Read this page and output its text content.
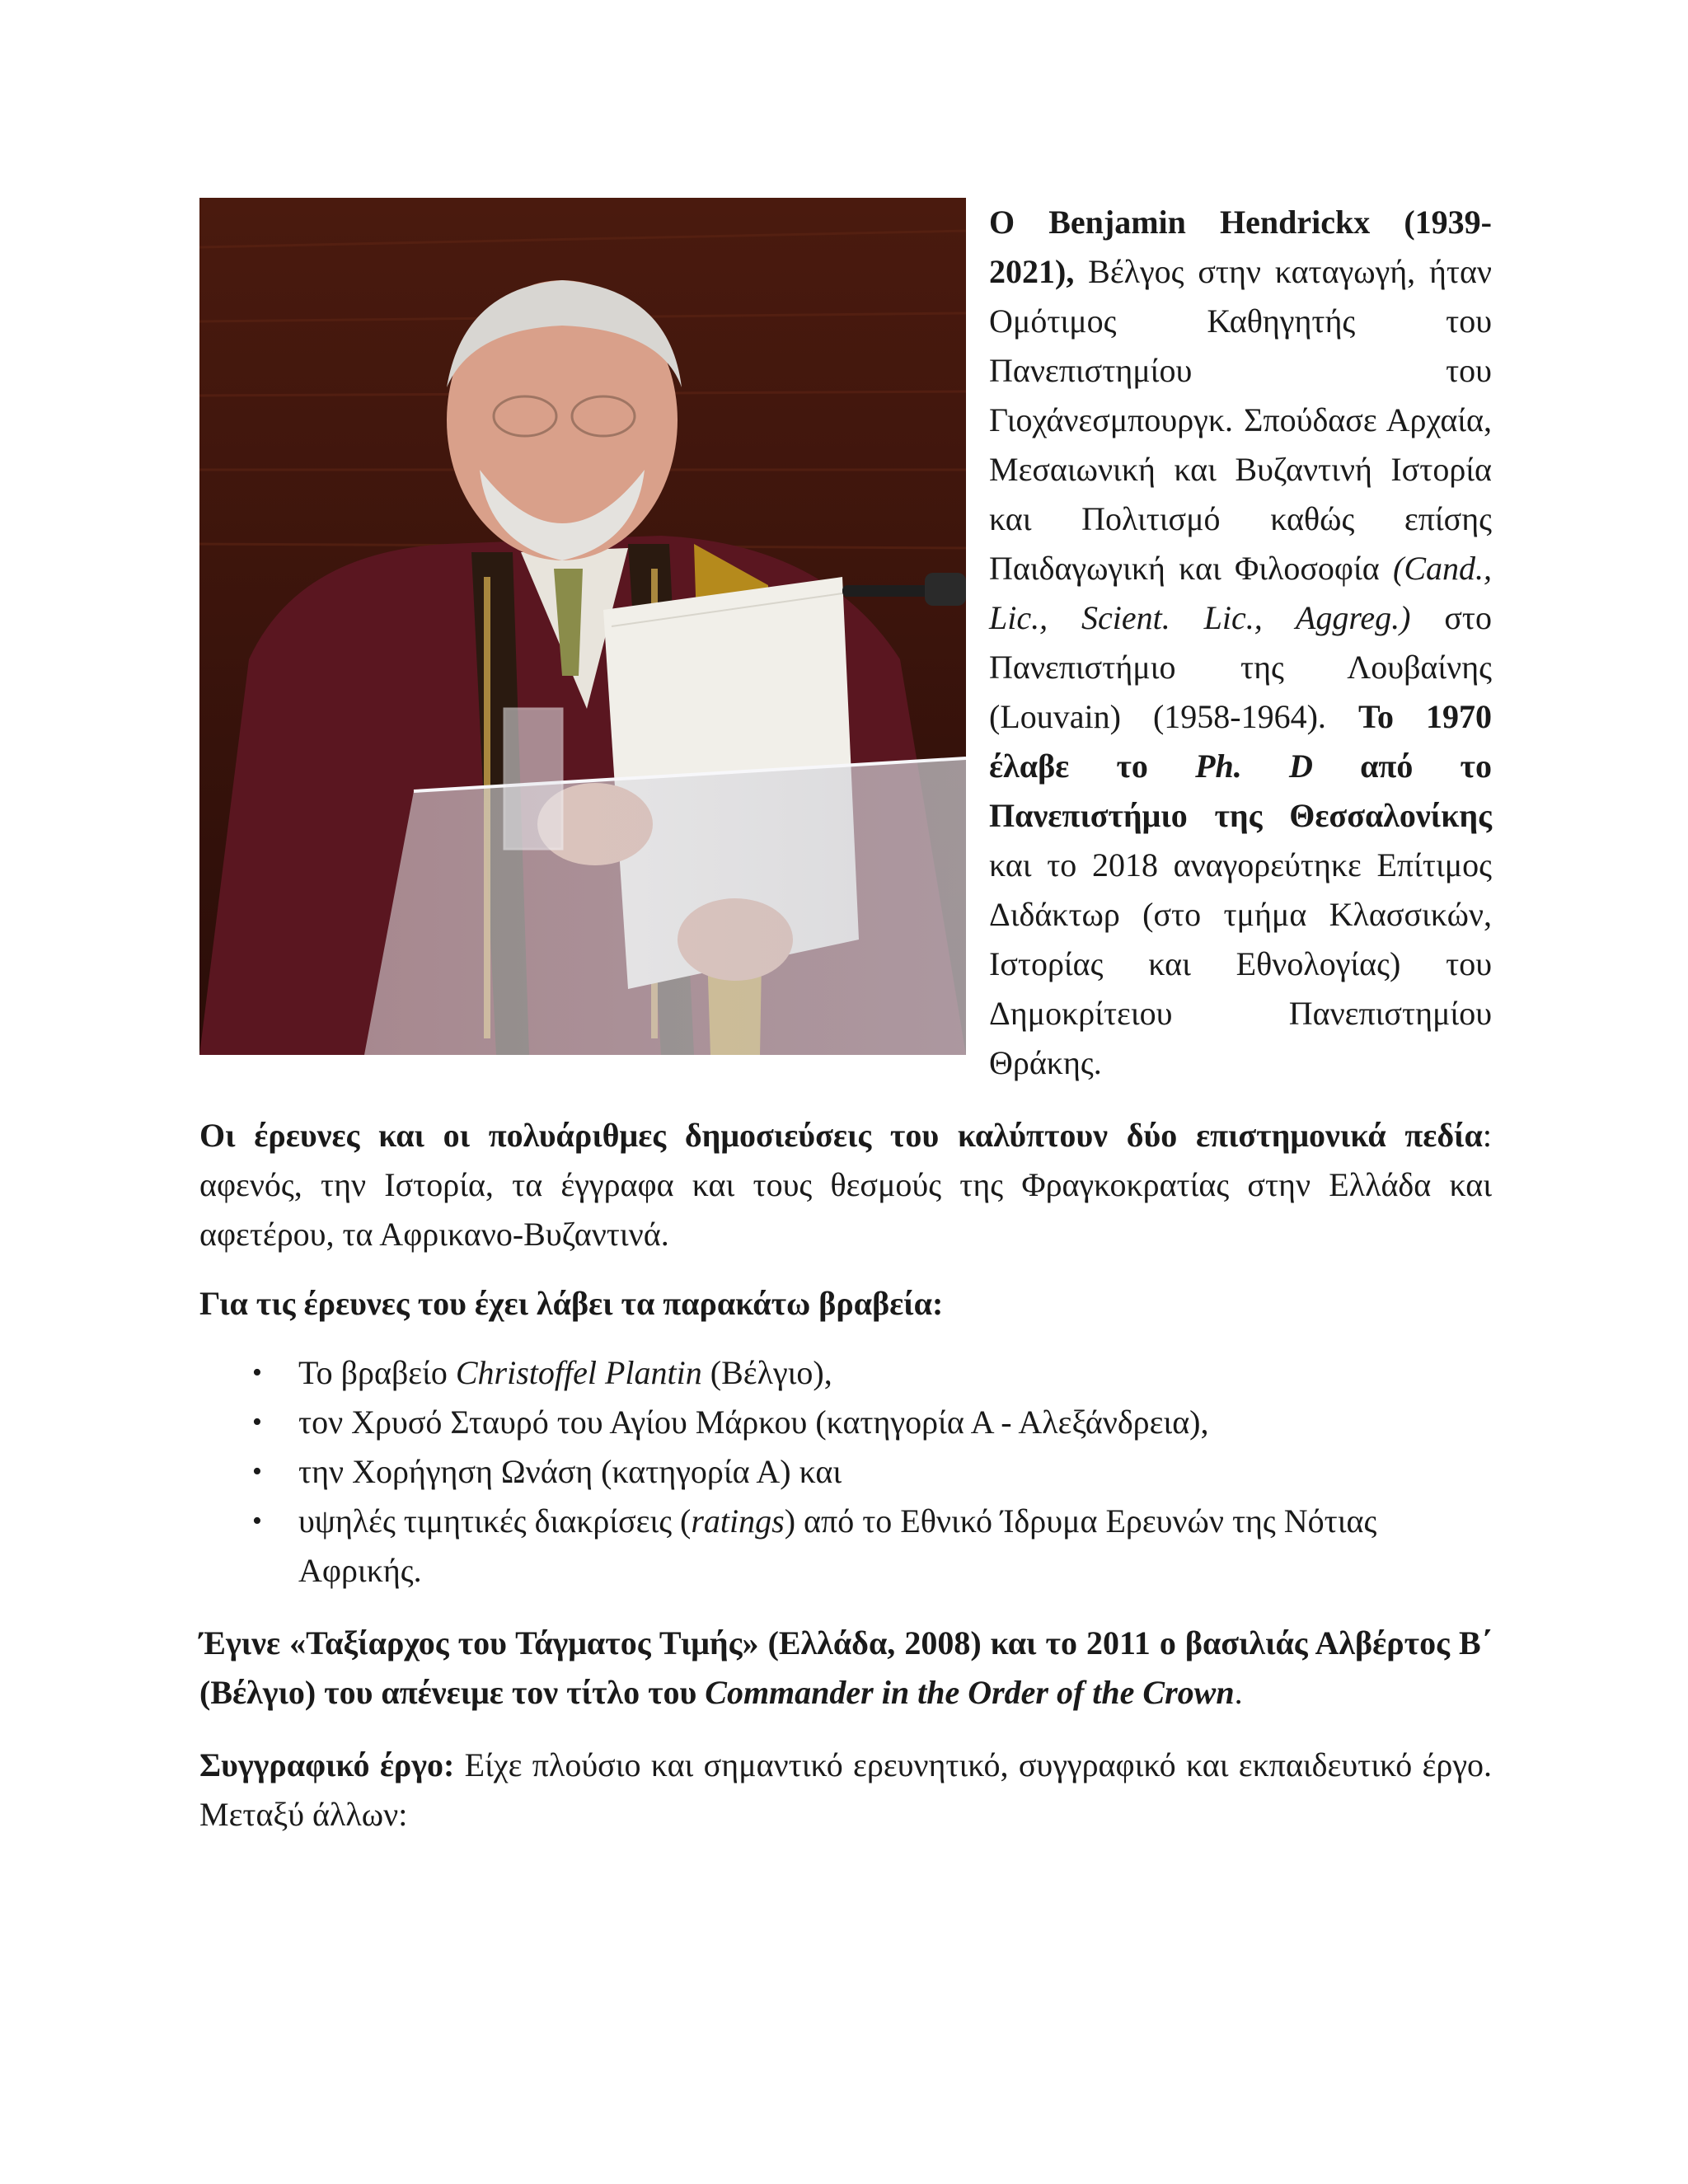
Ο Benjamin Hendrickx (1939-2021), Βέλγος στην καταγωγή, ήταν Ομότιμος Καθηγητής του Πανεπιστημίου του Γιοχάνεσμπουργκ. Σπούδασε Αρχαία, Μεσαιωνική και Βυζαντινή Ιστορία και Πολιτισμό καθώς επίσης Παιδαγωγική και Φιλοσοφία (Cand., Lic., Scient. Lic., Aggreg.) στο Πανεπιστήμιο της Λουβαίνης (Louvain) (1958-1964). Το 1970 έλαβε το Ph. D από το Πανεπιστήμιο της Θεσσαλονίκης και το 2018 αναγορεύτηκε Επίτιμος Διδάκτωρ (στο τμήμα Κλασσικών, Ιστορίας και Εθνολογίας) του Δημοκρίτειου Πανεπιστημίου Θράκης.

Οι έρευνες και οι πολυάριθμες δημοσιεύσεις του καλύπτουν δύο επιστημονικά πεδία: αφενός, την Ιστορία, τα έγγραφα και τους θεσμούς της Φραγκοκρατίας στην Ελλάδα και αφετέρου, τα Αφρικανο-Βυζαντινά.

Για τις έρευνες του έχει λάβει τα παρακάτω βραβεία:

• Το βραβείο Christoffel Plantin (Βέλγιο),
• τον Χρυσό Σταυρό του Αγίου Μάρκου (κατηγορία Α - Αλεξάνδρεια),
• την Χορήγηση Ωνάση (κατηγορία Α) και
• υψηλές τιμητικές διακρίσεις (ratings) από το Εθνικό Ίδρυμα Ερευνών της Νότιας Αφρικής.

Έγινε «Ταξίαρχος του Τάγματος Τιμής» (Ελλάδα, 2008) και το 2011 ο βασιλιάς Αλβέρτος Β΄ (Βέλγιο) του απένειμε τον τίτλο του Commander in the Order of the Crown.

Συγγραφικό έργο: Είχε πλούσιο και σημαντικό ερευνητικό, συγγραφικό και εκπαιδευτικό έργο. Μεταξύ άλλων:
